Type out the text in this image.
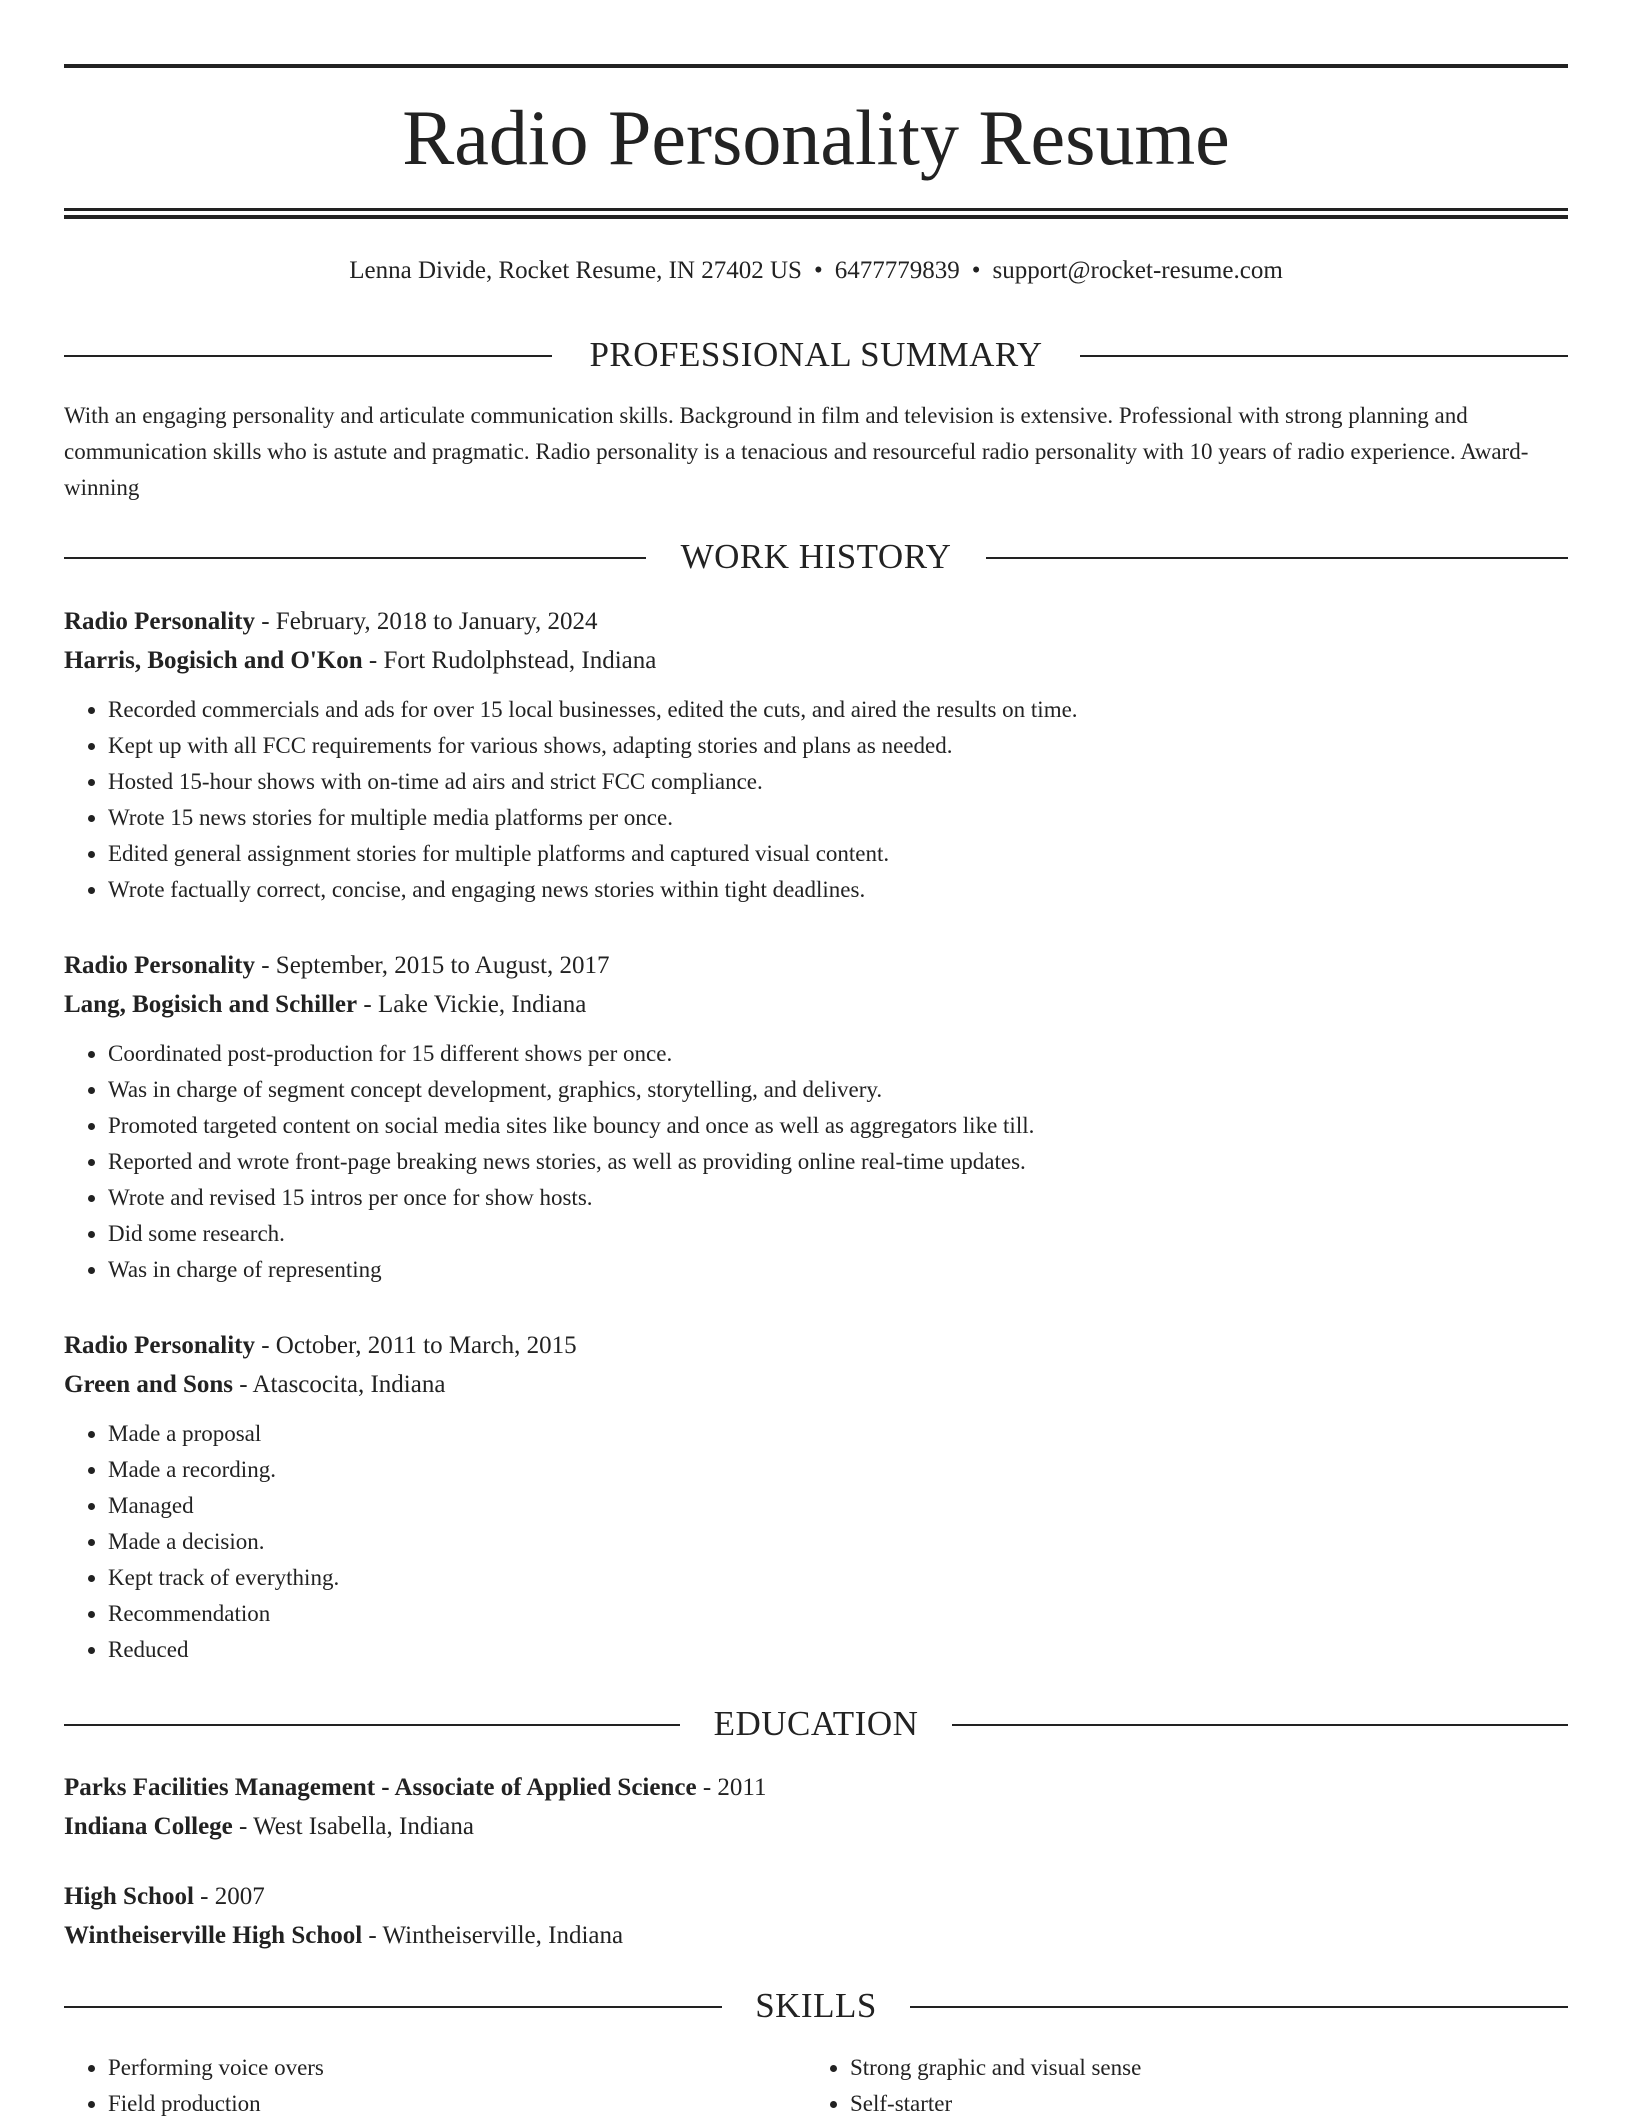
Radio Personality Resume
Lenna Divide, Rocket Resume, IN 27402 US • 6477779839 • support@rocket-resume.com
PROFESSIONAL SUMMARY

With an engaging personality and articulate communication skills. Background in film and television is extensive. Professional with strong planning and communication skills who is astute and pragmatic. Radio personality is a tenacious and resourceful radio personality with 10 years of radio experience. Award-winning

WORK HISTORY
Radio Personality - February, 2018 to January, 2024
Harris, Bogisich and O'Kon - Fort Rudolphstead, Indiana
• Recorded commercials and ads for over 15 local businesses, edited the cuts, and aired the results on time.
• Kept up with all FCC requirements for various shows, adapting stories and plans as needed.
• Hosted 15-hour shows with on-time ad airs and strict FCC compliance.
• Wrote 15 news stories for multiple media platforms per once.
• Edited general assignment stories for multiple platforms and captured visual content.
• Wrote factually correct, concise, and engaging news stories within tight deadlines.
Radio Personality - September, 2015 to August, 2017
Lang, Bogisich and Schiller - Lake Vickie, Indiana
• Coordinated post-production for 15 different shows per once.
• Was in charge of segment concept development, graphics, storytelling, and delivery.
• Promoted targeted content on social media sites like bouncy and once as well as aggregators like till.
• Reported and wrote front-page breaking news stories, as well as providing online real-time updates.
• Wrote and revised 15 intros per once for show hosts.
• Did some research.
• Was in charge of representing
Radio Personality - October, 2011 to March, 2015
Green and Sons - Atascocita, Indiana
• Made a proposal
• Made a recording.
• Managed
• Made a decision.
• Kept track of everything.
• Recommendation
• Reduced
EDUCATION
Parks Facilities Management - Associate of Applied Science - 2011
Indiana College - West Isabella, Indiana
High School - 2007
Wintheiserville High School - Wintheiserville, Indiana
SKILLS
• Performing voice overs
• Field production
• Strong graphic and visual sense
• Self-starter
